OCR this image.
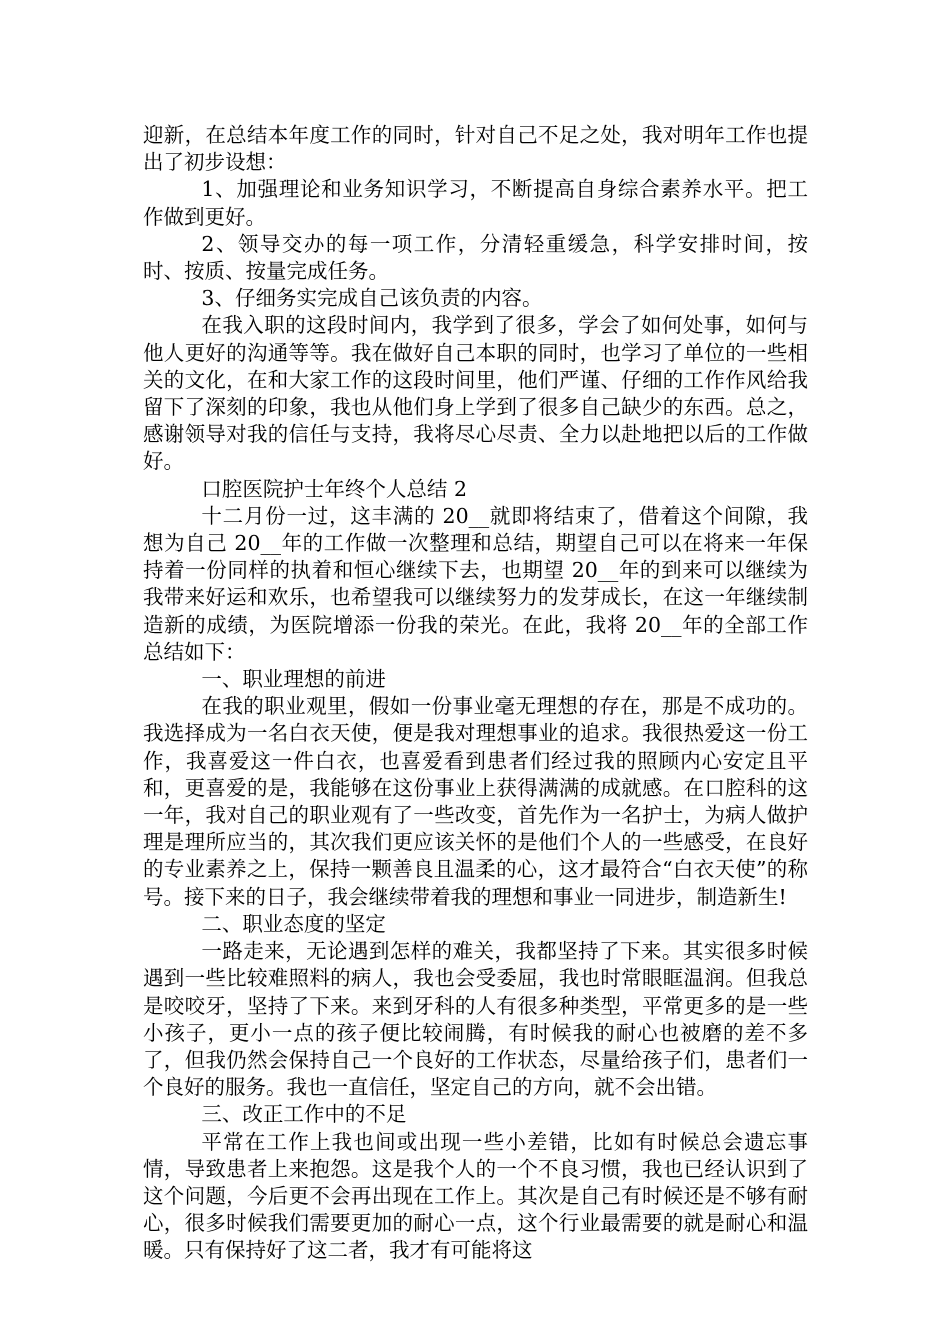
迎新，在总结本年度工作的同时，针对自己不足之处，我对明年工作也提出了初步设想：

1、加强理论和业务知识学习，不断提高自身综合素养水平。把工作做到更好。

2、领导交办的每一项工作，分清轻重缓急，科学安排时间，按时、按质、按量完成任务。

3、仔细务实完成自己该负责的内容。

在我入职的这段时间内，我学到了很多，学会了如何处事，如何与他人更好的沟通等等。我在做好自己本职的同时，也学习了单位的一些相关的文化，在和大家工作的这段时间里，他们严谨、仔细的工作作风给我留下了深刻的印象，我也从他们身上学到了很多自己缺少的东西。总之，感谢领导对我的信任与支持，我将尽心尽责、全力以赴地把以后的工作做好。

口腔医院护士年终个人总结 2

十二月份一过，这丰满的 20__就即将结束了，借着这个间隙，我想为自己 20__年的工作做一次整理和总结，期望自己可以在将来一年保持着一份同样的执着和恒心继续下去，也期望 20__年的到来可以继续为我带来好运和欢乐，也希望我可以继续努力的发芽成长，在这一年继续制造新的成绩，为医院增添一份我的荣光。在此，我将 20__年的全部工作总结如下：

一、职业理想的前进

在我的职业观里，假如一份事业毫无理想的存在，那是不成功的。我选择成为一名白衣天使，便是我对理想事业的追求。我很热爱这一份工作，我喜爱这一件白衣，也喜爱看到患者们经过我的照顾内心安定且平和，更喜爱的是，我能够在这份事业上获得满满的成就感。在口腔科的这一年，我对自己的职业观有了一些改变，首先作为一名护士，为病人做护理是理所应当的，其次我们更应该关怀的是他们个人的一些感受，在良好的专业素养之上，保持一颗善良且温柔的心，这才最符合“白衣天使”的称号。接下来的日子，我会继续带着我的理想和事业一同进步，制造新生!

二、职业态度的坚定

一路走来，无论遇到怎样的难关，我都坚持了下来。其实很多时候遇到一些比较难照料的病人，我也会受委屈，我也时常眼眶温润。但我总是咬咬牙，坚持了下来。来到牙科的人有很多种类型，平常更多的是一些小孩子，更小一点的孩子便比较闹腾，有时候我的耐心也被磨的差不多了，但我仍然会保持自己一个良好的工作状态，尽量给孩子们，患者们一个良好的服务。我也一直信任，坚定自己的方向，就不会出错。

三、改正工作中的不足

平常在工作上我也间或出现一些小差错，比如有时候总会遗忘事情，导致患者上来抱怨。这是我个人的一个不良习惯，我也已经认识到了这个问题，今后更不会再出现在工作上。其次是自己有时候还是不够有耐心，很多时候我们需要更加的耐心一点，这个行业最需要的就是耐心和温暖。只有保持好了这二者，我才有可能将这
